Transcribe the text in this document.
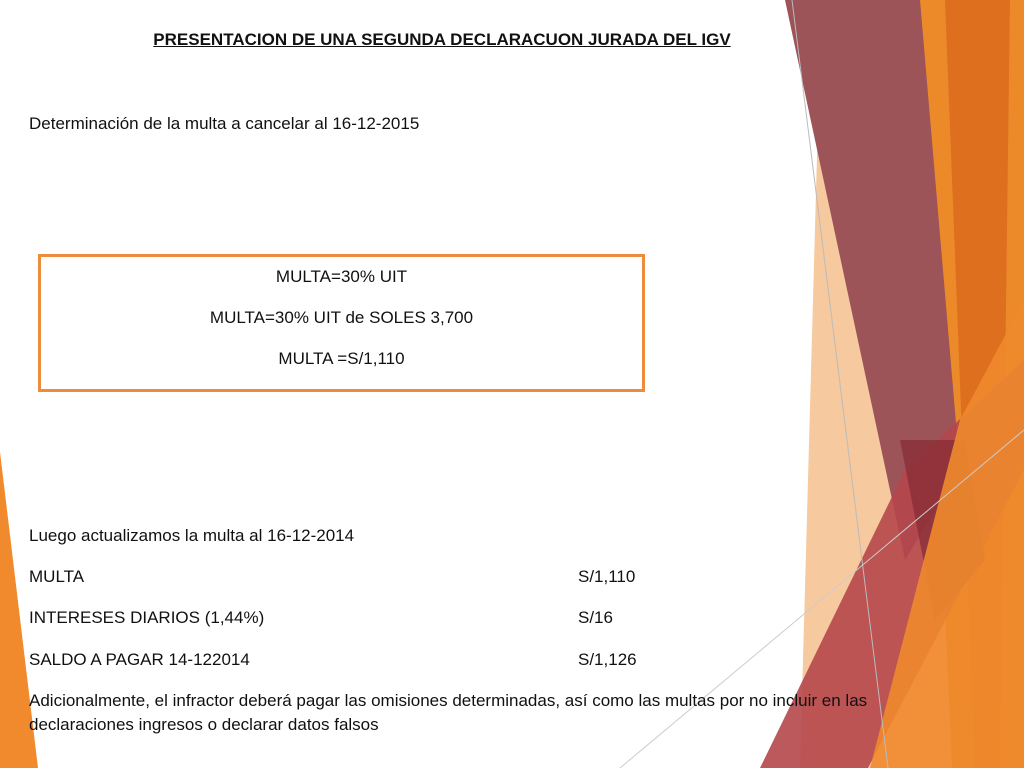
PRESENTACION DE UNA SEGUNDA DECLARACUON JURADA DEL IGV

Determinación de la multa a cancelar al 16-12-2015

MULTA=30% UIT
MULTA=30% UIT de SOLES 3,700
MULTA =S/1,110

Luego actualizamos la multa al 16-12-2014

MULTA	S/1,110
INTERESES DIARIOS (1,44%)	S/16
SALDO A PAGAR 14-122014	S/1,126

Adicionalmente, el infractor deberá pagar las omisiones determinadas, así como las multas por no incluir en las declaraciones ingresos o declarar datos falsos
